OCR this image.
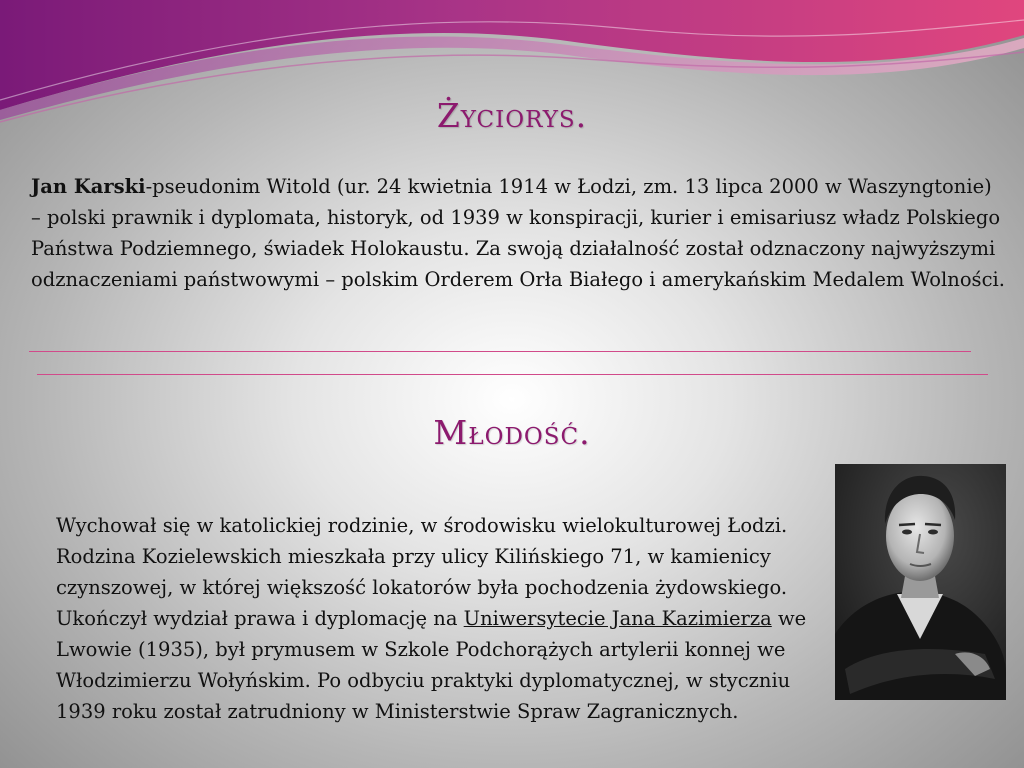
Życiorys.

Jan Karski-pseudonim Witold (ur. 24 kwietnia 1914 w Łodzi, zm. 13 lipca 2000 w Waszyngtonie) – polski prawnik i dyplomata, historyk, od 1939 w konspiracji, kurier i emisariusz władz Polskiego Państwa Podziemnego, świadek Holokaustu. Za swoją działalność został odznaczony najwyższymi odznaczeniami państwowymi – polskim Orderem Orła Białego i amerykańskim Medalem Wolności.

Młodość.

Wychował się w katolickiej rodzinie, w środowisku wielokulturowej Łodzi. Rodzina Kozielewskich mieszkała przy ulicy Kilińskiego 71, w kamienicy czynszowej, w której większość lokatorów była pochodzenia żydowskiego. Ukończył wydział prawa i dyplomację na Uniwersytecie Jana Kazimierza we Lwowie (1935), był prymusem w Szkole Podchorążych artylerii konnej we Włodzimierzu Wołyńskim. Po odbyciu praktyki dyplomatycznej, w styczniu 1939 roku został zatrudniony w Ministerstwie Spraw Zagranicznych.
